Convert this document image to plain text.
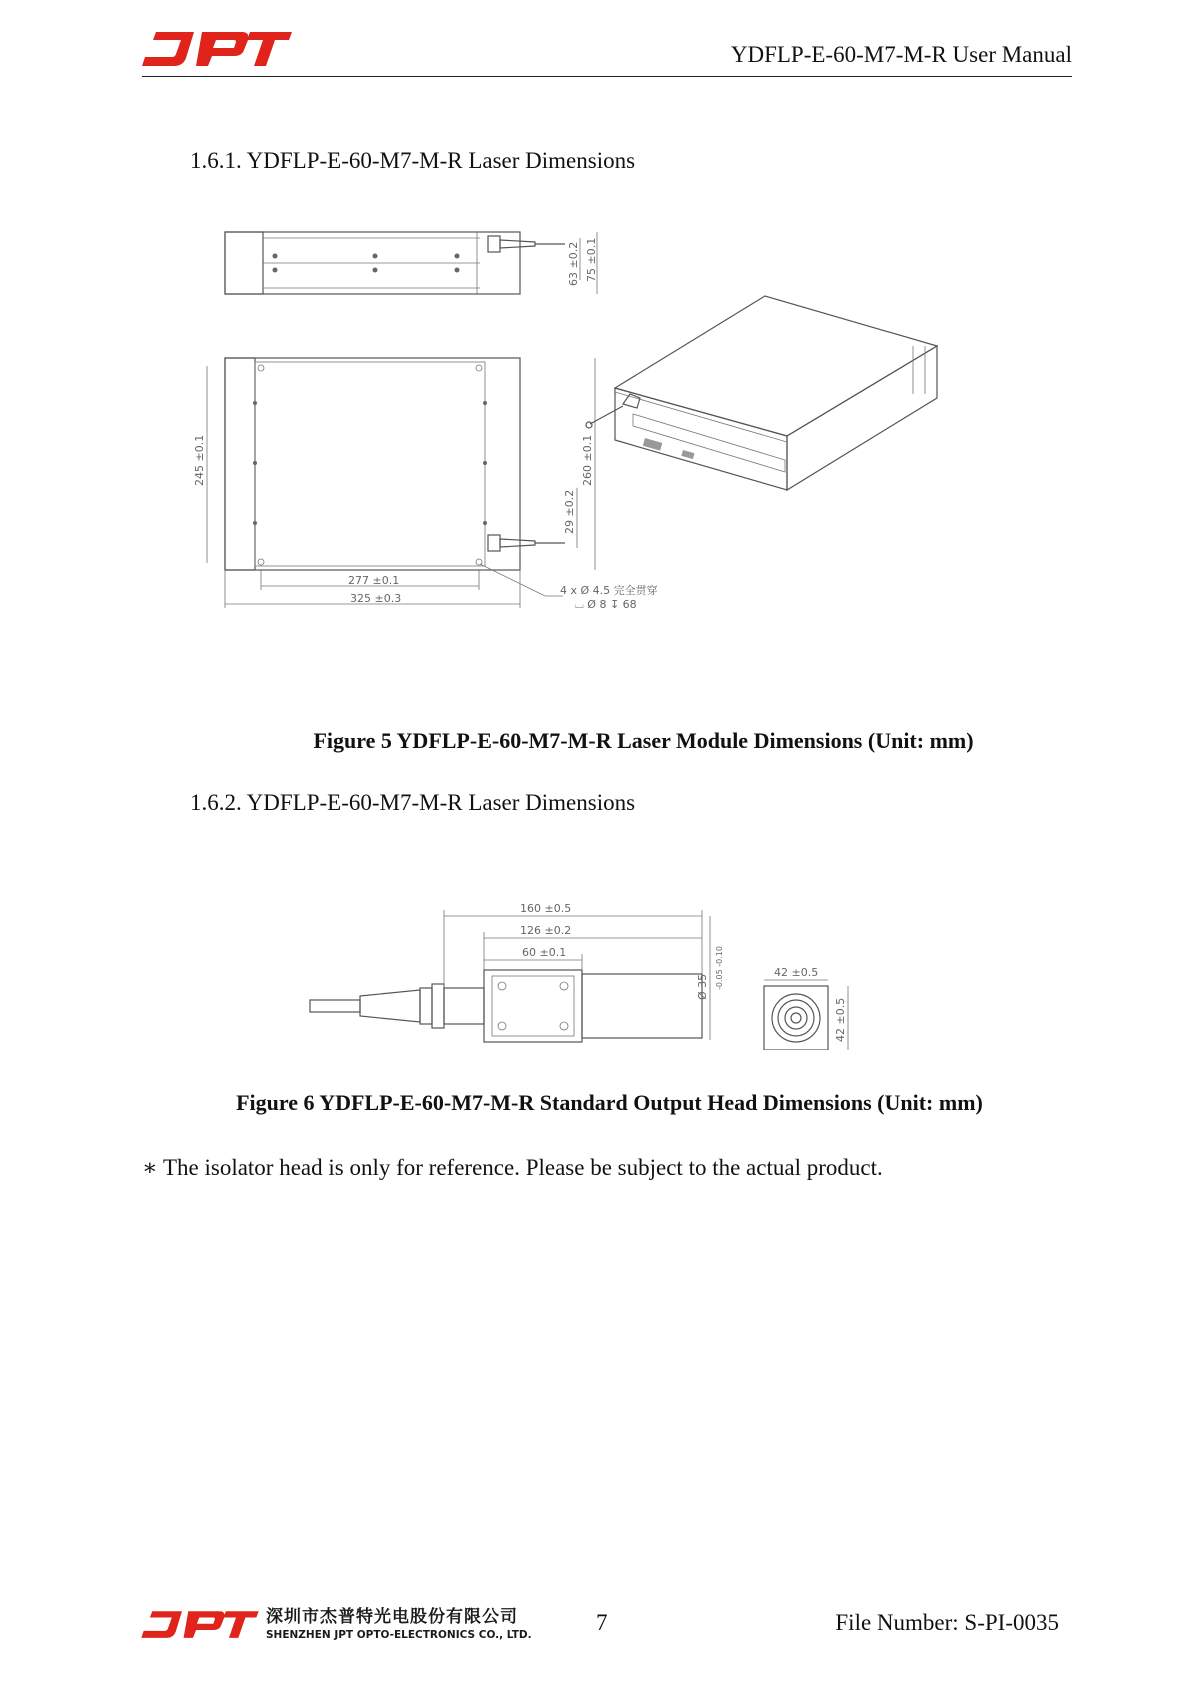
YDFLP-E-60-M7-M-R User Manual
1.6.1. YDFLP-E-60-M7-M-R Laser Dimensions
63 ±0.2 75 ±0.1
245 ±0.1	260 ±0.1
29 ±0.2
277 ±0.1
325 ±0.3
4 x Ø 4.5 完全贯穿
⌴ Ø 8 ↧ 68
Figure 5 YDFLP-E-60-M7-M-R Laser Module Dimensions (Unit: mm)
1.6.2. YDFLP-E-60-M7-M-R Laser Dimensions
160 ±0.5
126 ±0.2
60 ±0.1
Ø 35 -0.05 -0.10	42 ±0.5
42 ±0.5
Figure 6 YDFLP-E-60-M7-M-R Standard Output Head Dimensions (Unit: mm)
∗ The isolator head is only for reference. Please be subject to the actual product.
深圳市杰普特光电股份有限公司
SHENZHEN JPT OPTO-ELECTRONICS CO., LTD.	7	File Number: S-PI-0035
